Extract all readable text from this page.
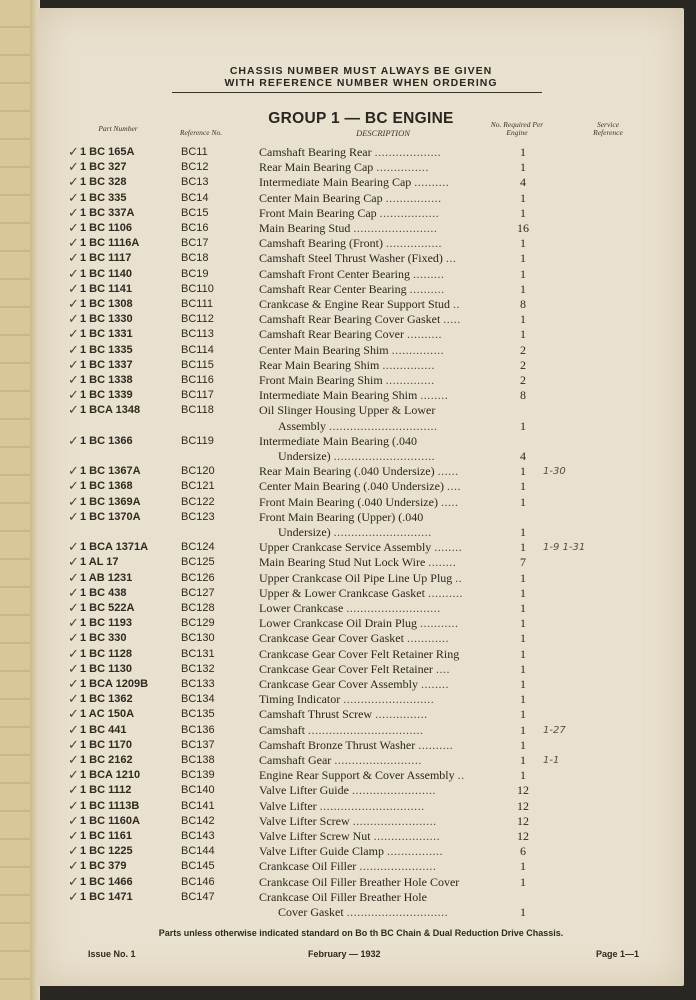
CHASSIS NUMBER MUST ALWAYS BE GIVEN
WITH REFERENCE NUMBER WHEN ORDERING
GROUP 1 — BC ENGINE
Part Number	Reference No.	DESCRIPTION
No. Required Per Engine
Service Reference
✓ 1 BC 165A	BC11	Camshaft Bearing Rear ...................	1
✓ 1 BC 327	BC12	Rear Main Bearing Cap ...............	1
✓ 1 BC 328	BC13	Intermediate Main Bearing Cap ..........	4
✓ 1 BC 335	BC14	Center Main Bearing Cap ................	1
✓ 1 BC 337A	BC15	Front Main Bearing Cap .................	1
✓ 1 BC 1106	BC16	Main Bearing Stud ........................	16
✓ 1 BC 1116A	BC17	Camshaft Bearing (Front) ................	1
✓ 1 BC 1117	BC18	Camshaft Steel Thrust Washer (Fixed) ...	1
✓ 1 BC 1140	BC19	Camshaft Front Center Bearing .........	1
✓ 1 BC 1141	BC110	Camshaft Rear Center Bearing ..........	1
✓ 1 BC 1308	BC111	Crankcase & Engine Rear Support Stud ..	8
✓ 1 BC 1330	BC112	Camshaft Rear Bearing Cover Gasket .....	1
✓ 1 BC 1331	BC113	Camshaft Rear Bearing Cover ..........	1
✓ 1 BC 1335	BC114	Center Main Bearing Shim ...............	2
✓ 1 BC 1337	BC115	Rear Main Bearing Shim ...............	2
✓ 1 BC 1338	BC116	Front Main Bearing Shim ..............	2
✓ 1 BC 1339	BC117	Intermediate Main Bearing Shim ........	8
✓ 1 BCA 1348	BC118	Oil Slinger Housing Upper & Lower
Assembly ...............................	1
✓ 1 BC 1366	BC119	Intermediate Main Bearing (.040
Undersize) .............................	4
✓ 1 BC 1367A	BC120	Rear Main Bearing (.040 Undersize) ......	1	1-30
✓ 1 BC 1368	BC121	Center Main Bearing (.040 Undersize) ....	1
✓ 1 BC 1369A	BC122	Front Main Bearing (.040 Undersize) .....	1
✓ 1 BC 1370A	BC123	Front Main Bearing (Upper) (.040
Undersize) ............................	1
✓ 1 BCA 1371A	BC124	Upper Crankcase Service Assembly ........	1	1-9 1-31
✓ 1 AL 17	BC125	Main Bearing Stud Nut Lock Wire ........	7
✓ 1 AB 1231	BC126	Upper Crankcase Oil Pipe Line Up Plug ..	1
✓ 1 BC 438	BC127	Upper & Lower Crankcase Gasket ..........	1
✓ 1 BC 522A	BC128	Lower Crankcase ...........................	1
✓ 1 BC 1193	BC129	Lower Crankcase Oil Drain Plug ...........	1
✓ 1 BC 330	BC130	Crankcase Gear Cover Gasket ............	1
✓ 1 BC 1128	BC131	Crankcase Gear Cover Felt Retainer Ring	1
✓ 1 BC 1130	BC132	Crankcase Gear Cover Felt Retainer ....	1
✓ 1 BCA 1209B	BC133	Crankcase Gear Cover Assembly ........	1
✓ 1 BC 1362	BC134	Timing Indicator ..........................	1
✓ 1 AC 150A	BC135	Camshaft Thrust Screw ...............	1
✓ 1 BC 441	BC136	Camshaft .................................	1	1-27
✓ 1 BC 1170	BC137	Camshaft Bronze Thrust Washer ..........	1
✓ 1 BC 2162	BC138	Camshaft Gear .........................	1	1-1
✓ 1 BCA 1210	BC139	Engine Rear Support & Cover Assembly ..	1
✓ 1 BC 1112	BC140	Valve Lifter Guide ........................	12
✓ 1 BC 1113B	BC141	Valve Lifter ..............................	12
✓ 1 BC 1160A	BC142	Valve Lifter Screw ........................	12
✓ 1 BC 1161	BC143	Valve Lifter Screw Nut ...................	12
✓ 1 BC 1225	BC144	Valve Lifter Guide Clamp ................	6
✓ 1 BC 379	BC145	Crankcase Oil Filler ......................	1
✓ 1 BC 1466	BC146	Crankcase Oil Filler Breather Hole Cover	1
✓ 1 BC 1471	BC147	Crankcase Oil Filler Breather Hole
Cover Gasket .............................	1
Parts unless otherwise indicated standard on Bo th BC Chain & Dual Reduction Drive Chassis.
Issue No. 1	February — 1932	Page 1—1
